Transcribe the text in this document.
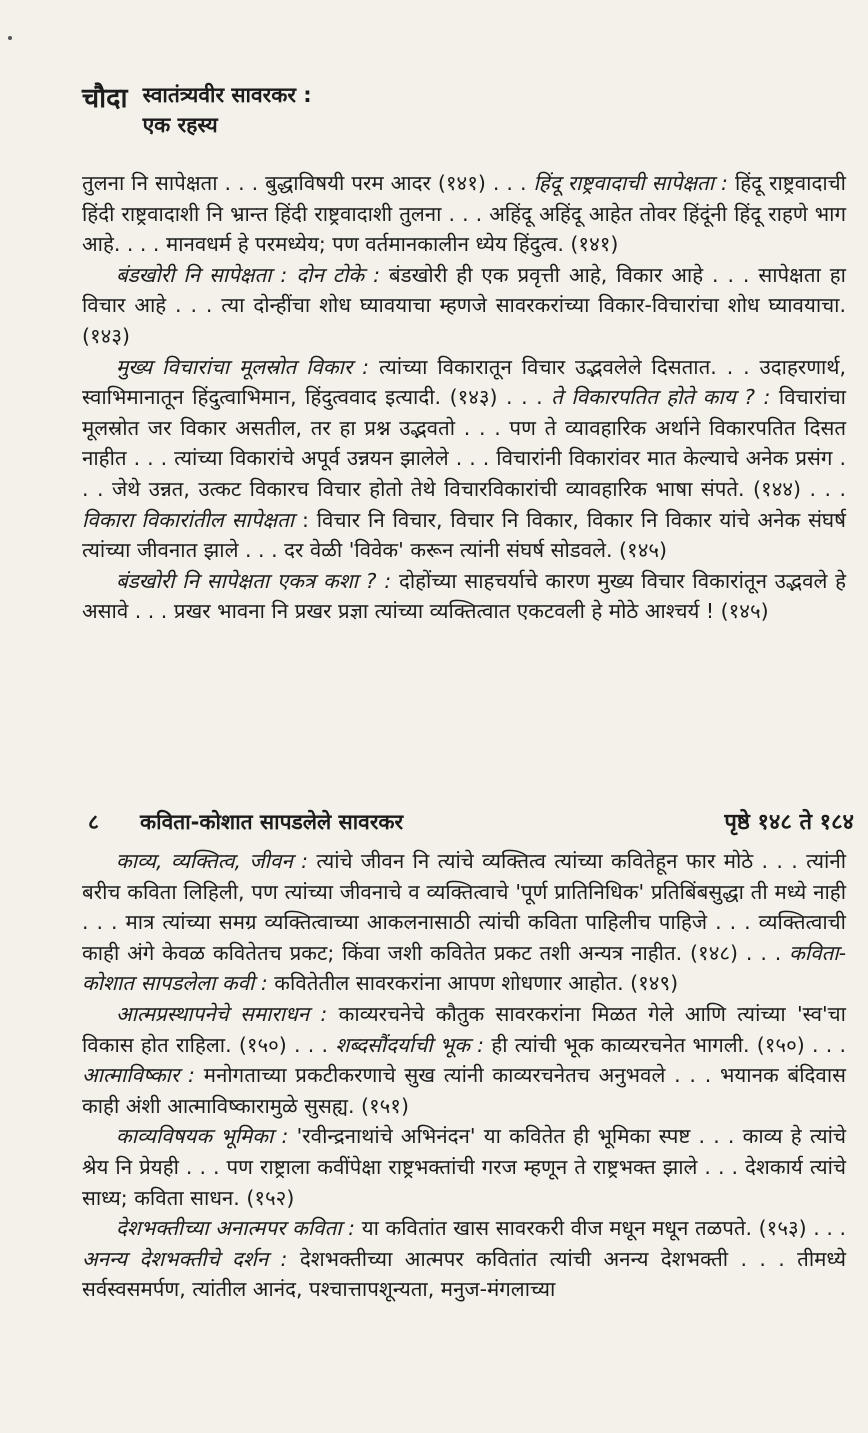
चौदा स्वातंत्र्यवीर सावरकर :
एक रहस्य

तुलना नि सापेक्षता . . . बुद्धाविषयी परम आदर (१४१) . . . हिंदू राष्ट्रवादाची सापेक्षता : हिंदू राष्ट्रवादाची हिंदी राष्ट्रवादाशी नि भ्रान्त हिंदी राष्ट्रवादाशी तुलना . . . अहिंदू अहिंदू आहेत तोवर हिंदूंनी हिंदू राहणे भाग आहे. . . . मानवधर्म हे परमध्येय; पण वर्तमानकालीन ध्येय हिंदुत्व. (१४१)

बंडखोरी नि सापेक्षता : दोन टोके : बंडखोरी ही एक प्रवृत्ती आहे, विकार आहे . . . सापेक्षता हा विचार आहे . . . त्या दोन्हींचा शोध घ्यावयाचा म्हणजे सावरकरांच्या विकार-विचारांचा शोध घ्यावयाचा. (१४३)

मुख्य विचारांचा मूलस्रोत विकार : त्यांच्या विकारातून विचार उद्भवलेले दिसतात. . . उदाहरणार्थ, स्वाभिमानातून हिंदुत्वाभिमान, हिंदुत्ववाद इत्यादी. (१४३) . . . ते विकारपतित होते काय ? : विचारांचा मूलस्रोत जर विकार असतील, तर हा प्रश्न उद्भवतो . . . पण ते व्यावहारिक अर्थाने विकारपतित दिसत नाहीत . . . त्यांच्या विकारांचे अपूर्व उन्नयन झालेले . . . विचारांनी विकारांवर मात केल्याचे अनेक प्रसंग . . . जेथे उन्नत, उत्कट विकारच विचार होतो तेथे विचारविकारांची व्यावहारिक भाषा संपते. (१४४) . . . विकारा विकारांतील सापेक्षता : विचार नि विचार, विचार नि विकार, विकार नि विकार यांचे अनेक संघर्ष त्यांच्या जीवनात झाले . . . दर वेळी 'विवेक' करून त्यांनी संघर्ष सोडवले. (१४५)

बंडखोरी नि सापेक्षता एकत्र कशा ? : दोहोंच्या साहचर्याचे कारण मुख्य विचार विकारांतून उद्भवले हे असावे . . . प्रखर भावना नि प्रखर प्रज्ञा त्यांच्या व्यक्तित्वात एकटवली हे मोठे आश्चर्य ! (१४५)

८ कविता-कोशात सापडलेले सावरकर	पृष्ठे १४८ ते १८४

काव्य, व्यक्तित्व, जीवन : त्यांचे जीवन नि त्यांचे व्यक्तित्व त्यांच्या कवितेहून फार मोठे . . . त्यांनी बरीच कविता लिहिली, पण त्यांच्या जीवनाचे व व्यक्तित्वाचे 'पूर्ण प्रातिनिधिक' प्रतिबिंबसुद्धा ती मध्ये नाही . . . मात्र त्यांच्या समग्र व्यक्तित्वाच्या आकलनासाठी त्यांची कविता पाहिलीच पाहिजे . . . व्यक्तित्वाची काही अंगे केवळ कवितेतच प्रकट; किंवा जशी कवितेत प्रकट तशी अन्यत्र नाहीत. (१४८) . . . कविता-कोशात सापडलेला कवी : कवितेतील सावरकरांना आपण शोधणार आहोत. (१४९)

आत्मप्रस्थापनेचे समाराधन : काव्यरचनेचे कौतुक सावरकरांना मिळत गेले आणि त्यांच्या 'स्व'चा विकास होत राहिला. (१५०) . . . शब्दसौंदर्याची भूक : ही त्यांची भूक काव्यरचनेत भागली. (१५०) . . . आत्माविष्कार : मनोगताच्या प्रकटीकरणाचे सुख त्यांनी काव्यरचनेतच अनुभवले . . . भयानक बंदिवास काही अंशी आत्माविष्कारामुळे सुसह्य. (१५१)

काव्यविषयक भूमिका : 'रवीन्द्रनाथांचे अभिनंदन' या कवितेत ही भूमिका स्पष्ट . . . काव्य हे त्यांचे श्रेय नि प्रेयही . . . पण राष्ट्राला कवींपेक्षा राष्ट्रभक्तांची गरज म्हणून ते राष्ट्रभक्त झाले . . . देशकार्य त्यांचे साध्य; कविता साधन. (१५२)

देशभक्तीच्या अनात्मपर कविता : या कवितांत खास सावरकरी वीज मधून मधून तळपते. (१५३) . . . अनन्य देशभक्तीचे दर्शन : देशभक्तीच्या आत्मपर कवितांत त्यांची अनन्य देशभक्ती . . . तीमध्ये सर्वस्वसमर्पण, त्यांतील आनंद, पश्चात्तापशून्यता, मनुज-मंगलाच्या
